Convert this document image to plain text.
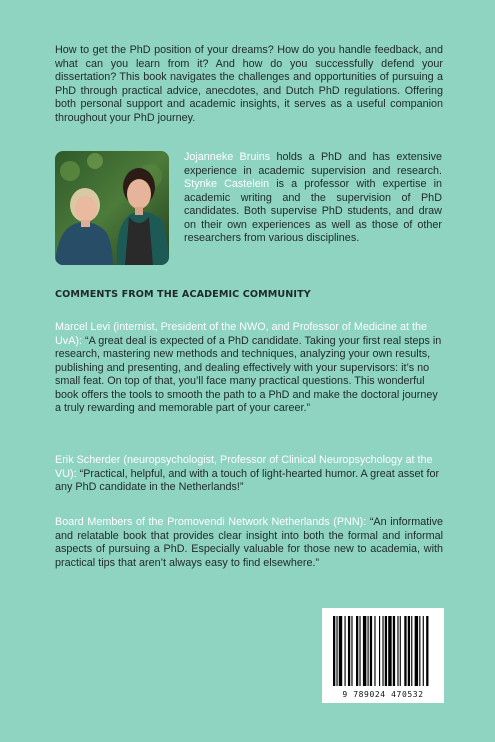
How to get the PhD position of your dreams? How do you handle feedback, and what can you learn from it? And how do you successfully defend your dissertation? This book navigates the challenges and opportunities of pursuing a PhD through practical advice, anecdotes, and Dutch PhD regulations. Offering both personal support and academic insights, it serves as a useful companion throughout your PhD journey.

Jojanneke Bruins holds a PhD and has extensive experience in academic supervision and research. Stynke Castelein is a professor with expertise in academic writing and the supervision of PhD candidates. Both supervise PhD students, and draw on their own experiences as well as those of other researchers from various disciplines.

COMMENTS FROM THE ACADEMIC COMMUNITY

Marcel Levi (internist, President of the NWO, and Professor of Medicine at the UvA): “A great deal is expected of a PhD candidate. Taking your first real steps in research, mastering new methods and techniques, analyzing your own results, publishing and presenting, and dealing effectively with your supervisors: it’s no small feat. On top of that, you’ll face many practical questions. This wonderful book offers the tools to smooth the path to a PhD and make the doctoral journey a truly rewarding and memorable part of your career.”

Erik Scherder (neuropsychologist, Professor of Clinical Neuropsychology at the VU): “Practical, helpful, and with a touch of light-hearted humor. A great asset for any PhD candidate in the Netherlands!”

Board Members of the Promovendi Network Netherlands (PNN): “An informative and relatable book that provides clear insight into both the formal and informal aspects of pursuing a PhD. Especially valuable for those new to academia, with practical tips that aren’t always easy to find elsewhere.”

9 789024 470532
